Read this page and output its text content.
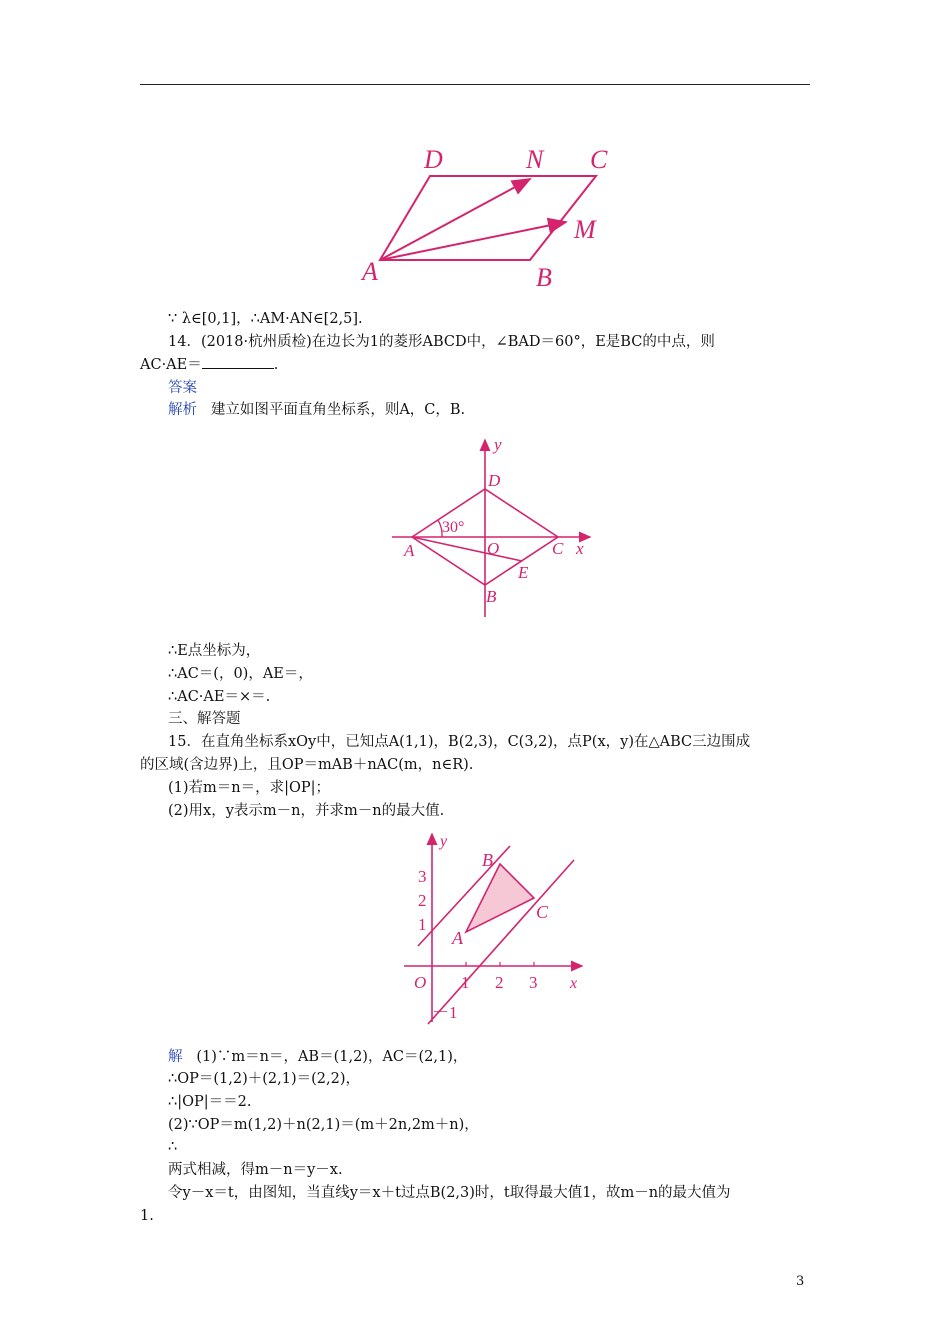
D	N C
M
A	B
∵ λ∈[0,1]，∴AM·AN∈[2,5].
14．(2018·杭州质检)在边长为1的菱形ABCD中，∠BAD＝60°，E是BC的中点，则
AC·AE＝	.
答案
解析 建立如图平面直角坐标系，则A，C，B.
y
D
30°
A	O	C x
E
B
∴E点坐标为，
∴AC＝(，0)，AE＝，
∴AC·AE＝×＝.
三、解答题
15．在直角坐标系xOy中，已知点A(1,1)，B(2,3)，C(3,2)，点P(x，y)在△ABC三边围成
的区域(含边界)上，且OP＝mAB＋nAC(m，n∈R).
(1)若m＝n＝，求|OP|；
(2)用x，y表示m－n，并求m－n的最大值.
y
3
2
1
B
C
A
O 1 2 3 x
－1
解 (1)∵m＝n＝，AB＝(1,2)，AC＝(2,1)，
∴OP＝(1,2)＋(2,1)＝(2,2)，
∴|OP|＝＝2.
(2)∵OP＝m(1,2)＋n(2,1)＝(m＋2n,2m＋n)，
∴
两式相减，得m－n＝y－x.
令y－x＝t，由图知，当直线y＝x＋t过点B(2,3)时，t取得最大值1，故m－n的最大值为
1.
3
